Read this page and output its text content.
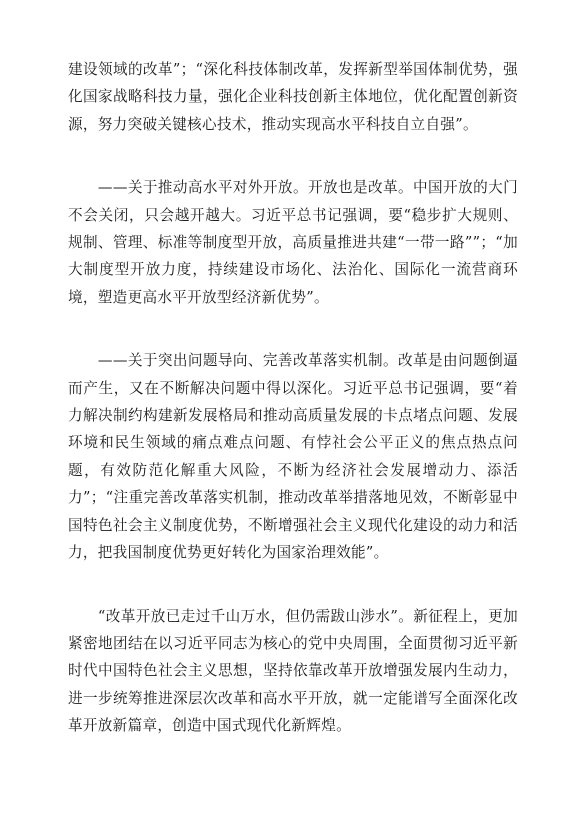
建设领域的改革”；“深化科技体制改革，发挥新型举国体制优势，强化国家战略科技力量，强化企业科技创新主体地位，优化配置创新资源，努力突破关键核心技术，推动实现高水平科技自立自强”。

——关于推动高水平对外开放。开放也是改革。中国开放的大门不会关闭，只会越开越大。习近平总书记强调，要“稳步扩大规则、规制、管理、标准等制度型开放，高质量推进共建“一带一路””；“加大制度型开放力度，持续建设市场化、法治化、国际化一流营商环境，塑造更高水平开放型经济新优势”。

——关于突出问题导向、完善改革落实机制。改革是由问题倒逼而产生，又在不断解决问题中得以深化。习近平总书记强调，要“着力解决制约构建新发展格局和推动高质量发展的卡点堵点问题、发展环境和民生领域的痛点难点问题、有悖社会公平正义的焦点热点问题，有效防范化解重大风险，不断为经济社会发展增动力、添活力”；“注重完善改革落实机制，推动改革举措落地见效，不断彰显中国特色社会主义制度优势，不断增强社会主义现代化建设的动力和活力，把我国制度优势更好转化为国家治理效能”。

“改革开放已走过千山万水，但仍需跋山涉水”。新征程上，更加紧密地团结在以习近平同志为核心的党中央周围，全面贯彻习近平新时代中国特色社会主义思想，坚持依靠改革开放增强发展内生动力，进一步统筹推进深层次改革和高水平开放，就一定能谱写全面深化改革开放新篇章，创造中国式现代化新辉煌。
